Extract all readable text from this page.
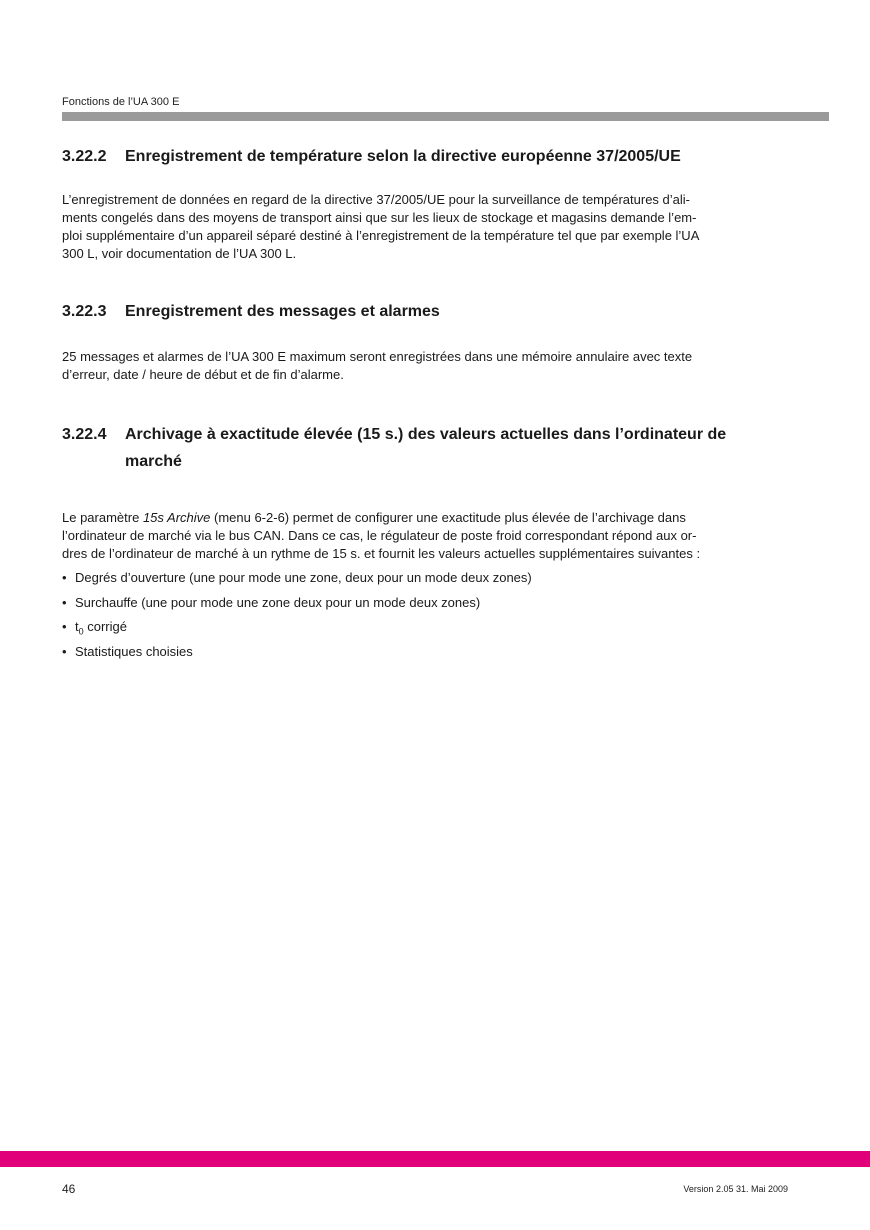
Fonctions de l’UA 300 E
3.22.2 Enregistrement de température selon la directive européenne 37/2005/UE
L’enregistrement de données en regard de la directive 37/2005/UE pour la surveillance de températures d’ali-
ments congelés dans des moyens de transport ainsi que sur les lieux de stockage et magasins demande l’em-
ploi supplémentaire d’un appareil séparé destiné à l’enregistrement de la température tel que par exemple l’UA
300 L, voir documentation de l’UA 300 L.
3.22.3 Enregistrement des messages et alarmes
25 messages et alarmes de l’UA 300 E maximum seront enregistrées dans une mémoire annulaire avec texte
d’erreur, date / heure de début et de fin d’alarme.
3.22.4 Archivage à exactitude élevée (15 s.) des valeurs actuelles dans l’ordinateur de
marché
Le paramètre 15s Archive (menu 6-2-6) permet de configurer une exactitude plus élevée de l’archivage dans
l’ordinateur de marché via le bus CAN. Dans ce cas, le régulateur de poste froid correspondant répond aux or-
dres de l’ordinateur de marché à un rythme de 15 s. et fournit les valeurs actuelles supplémentaires suivantes :
• Degrés d’ouverture (une pour mode une zone, deux pour un mode deux zones)
• Surchauffe (une pour mode une zone deux pour un mode deux zones)
• $t_0$ corrigé
• Statistiques choisies
46	Version 2.05 31. Mai 2009
